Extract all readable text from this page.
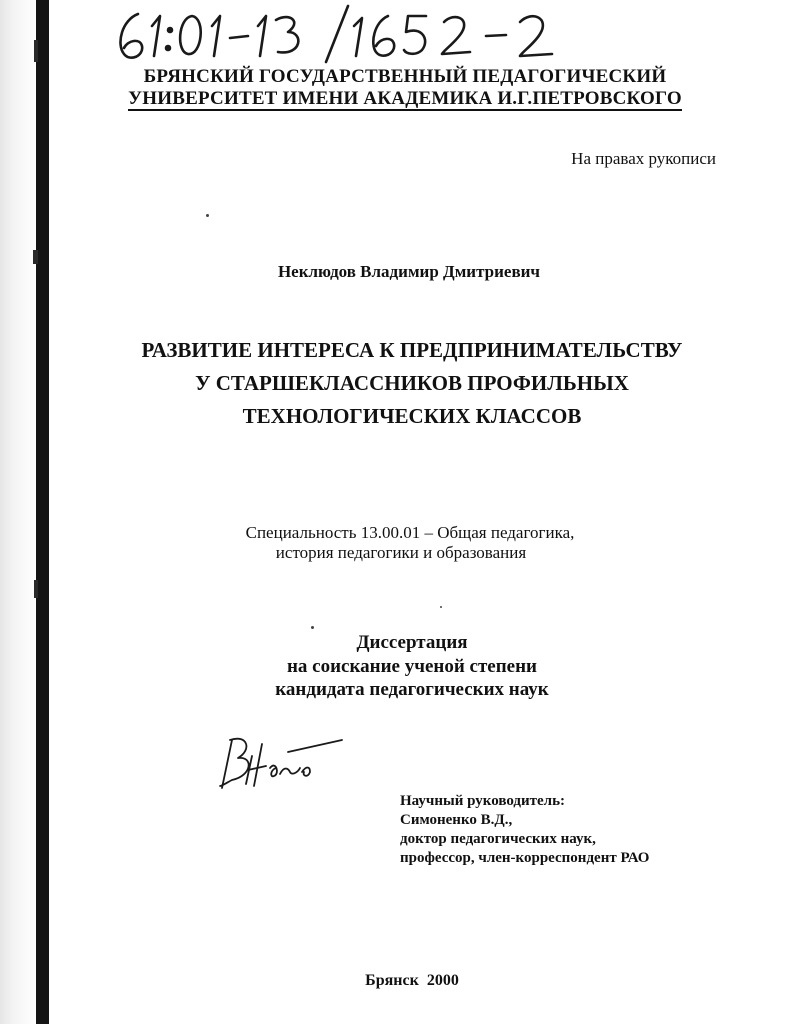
БРЯНСКИЙ ГОСУДАРСТВЕННЫЙ ПЕДАГОГИЧЕСКИЙ
УНИВЕРСИТЕТ ИМЕНИ АКАДЕМИКА И.Г.ПЕТРОВСКОГО
На правах рукописи
Неклюдов Владимир Дмитриевич
РАЗВИТИЕ ИНТЕРЕСА К ПРЕДПРИНИМАТЕЛЬСТВУ
У СТАРШЕКЛАССНИКОВ ПРОФИЛЬНЫХ
ТЕХНОЛОГИЧЕСКИХ КЛАССОВ
Специальность 13.00.01 – Общая педагогика,
история педагогики и образования
Диссертация
на соискание ученой степени
кандидата педагогических наук
Научный руководитель:
Симоненко В.Д.,
доктор педагогических наук,
профессор, член-корреспондент РАО
Брянск 2000
